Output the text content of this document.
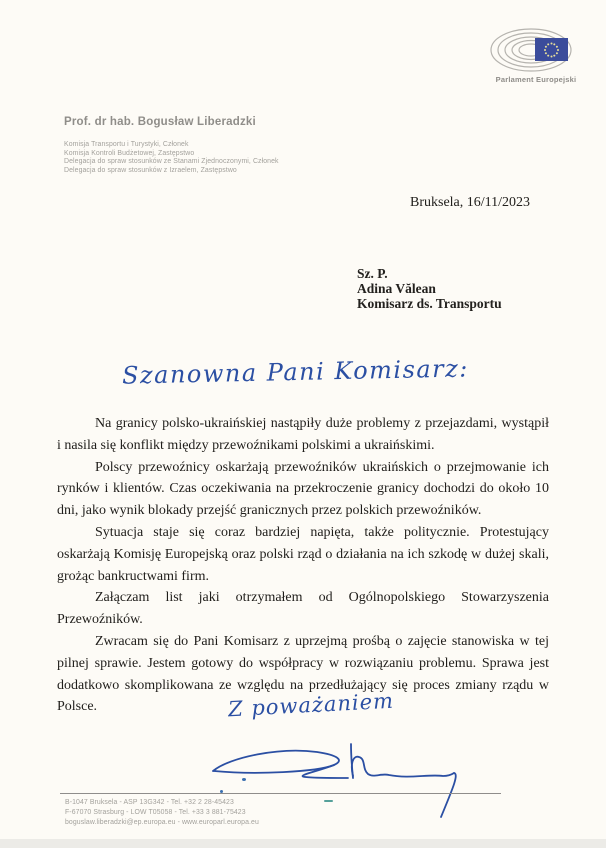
Parlament Europejski
Prof. dr hab. Bogusław Liberadzki
Komisja Transportu i Turystyki, Członek
Komisja Kontroli Budżetowej, Zastępstwo
Delegacja do spraw stosunków ze Stanami Zjednoczonymi, Członek
Delegacja do spraw stosunków z Izraelem, Zastępstwo
Bruksela, 16/11/2023
Sz. P.
Adina Vălean
Komisarz ds. Transportu
Szanowna Pani Komisarz:

Na granicy polsko-ukraińskiej nastąpiły duże problemy z przejazdami, wystąpił i nasila się konflikt między przewoźnikami polskimi a ukraińskimi.

Polscy przewoźnicy oskarżają przewoźników ukraińskich o przejmowanie ich rynków i klientów. Czas oczekiwania na przekroczenie granicy dochodzi do około 10 dni, jako wynik blokady przejść granicznych przez polskich przewoźników.

Sytuacja staje się coraz bardziej napięta, także politycznie. Protestujący oskarżają Komisję Europejską oraz polski rząd o działania na ich szkodę w dużej skali, grożąc bankructwami firm.

Załączam list jaki otrzymałem od Ogólnopolskiego Stowarzyszenia Przewoźników.

Zwracam się do Pani Komisarz z uprzejmą prośbą o zajęcie stanowiska w tej pilnej sprawie. Jestem gotowy do współpracy w rozwiązaniu problemu. Sprawa jest dodatkowo skomplikowana ze względu na przedłużający się proces zmiany rządu w Polsce.	Z poważaniem
B-1047 Bruksela - ASP 13G342 - Tel. +32 2 28-45423
F-67070 Strasburg - LOW T05058 - Tel. +33 3 881-75423
boguslaw.liberadzki@ep.europa.eu - www.europarl.europa.eu
